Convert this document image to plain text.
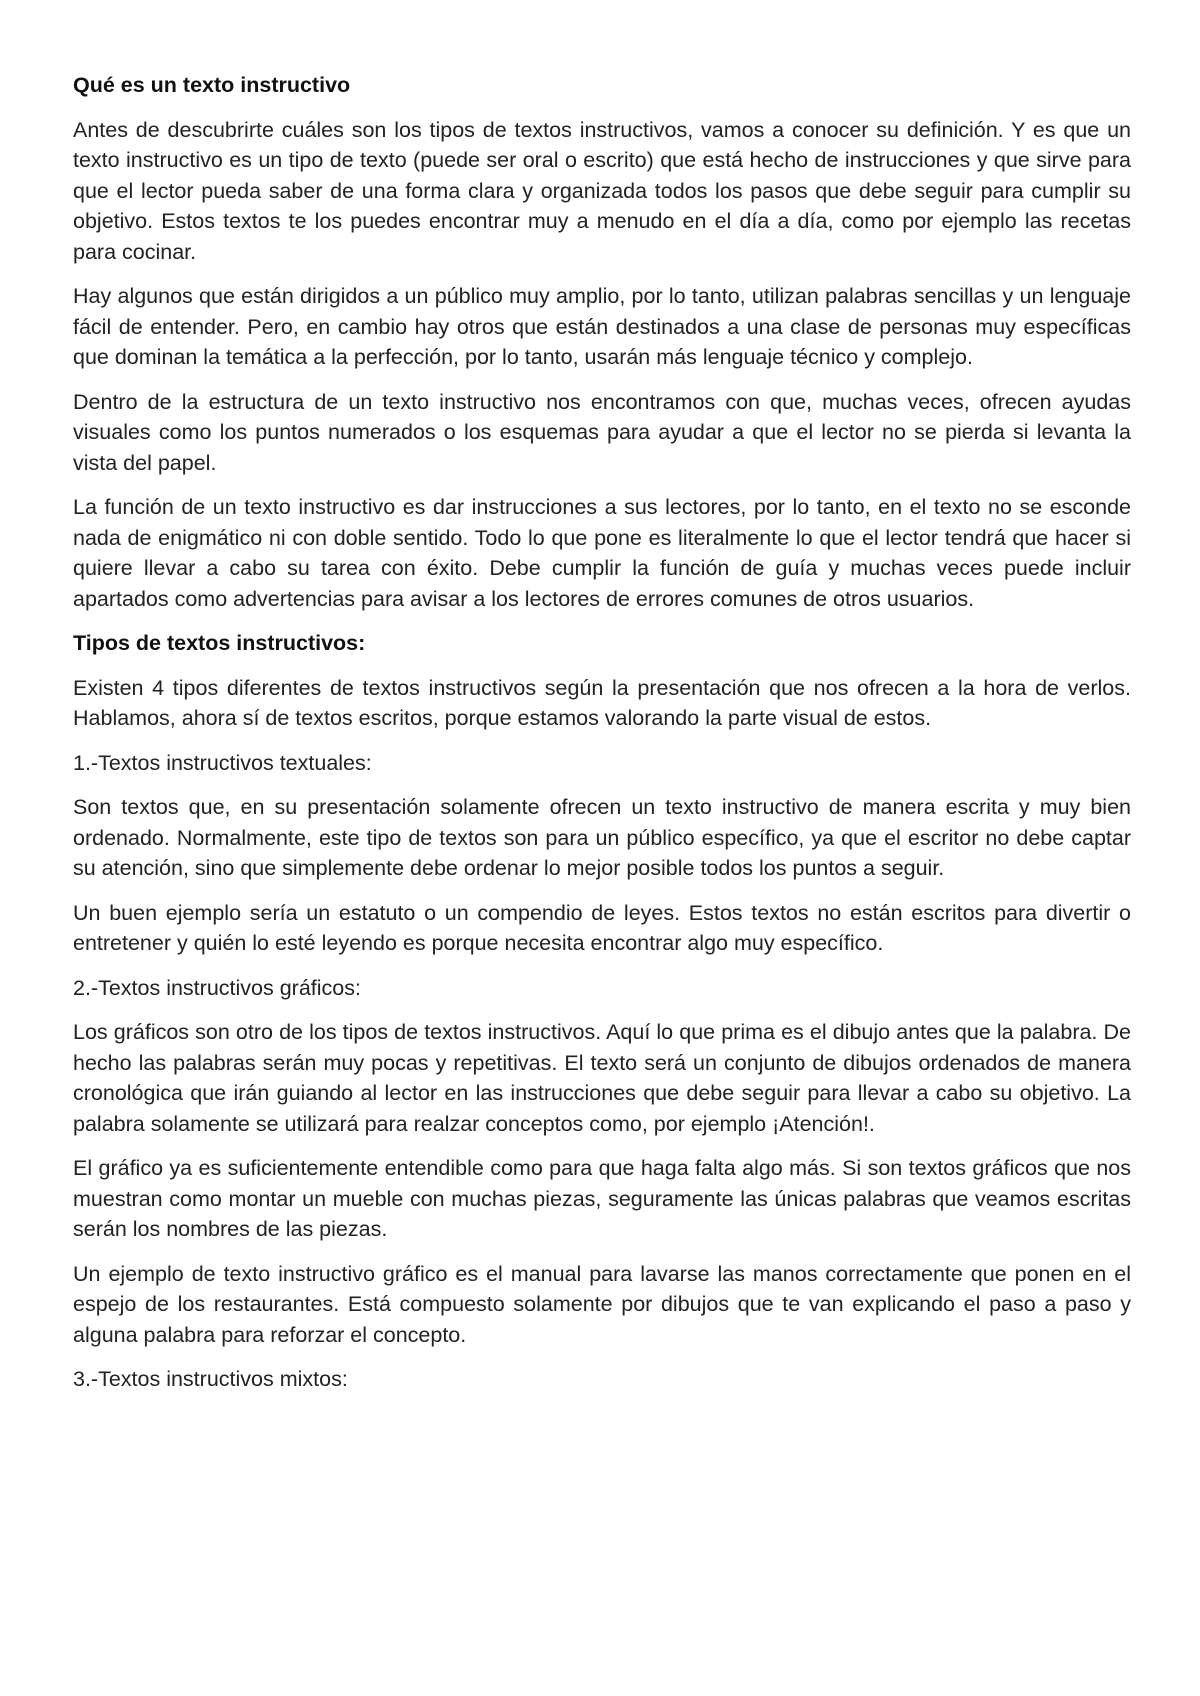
Qué es un texto instructivo

Antes de descubrirte cuáles son los tipos de textos instructivos, vamos a conocer su definición. Y es que un texto instructivo es un tipo de texto (puede ser oral o escrito) que está hecho de instrucciones y que sirve para que el lector pueda saber de una forma clara y organizada todos los pasos que debe seguir para cumplir su objetivo. Estos textos te los puedes encontrar muy a menudo en el día a día, como por ejemplo las recetas para cocinar.

Hay algunos que están dirigidos a un público muy amplio, por lo tanto, utilizan palabras sencillas y un lenguaje fácil de entender. Pero, en cambio hay otros que están destinados a una clase de personas muy específicas que dominan la temática a la perfección, por lo tanto, usarán más lenguaje técnico y complejo.

Dentro de la estructura de un texto instructivo nos encontramos con que, muchas veces, ofrecen ayudas visuales como los puntos numerados o los esquemas para ayudar a que el lector no se pierda si levanta la vista del papel.

La función de un texto instructivo es dar instrucciones a sus lectores, por lo tanto, en el texto no se esconde nada de enigmático ni con doble sentido. Todo lo que pone es literalmente lo que el lector tendrá que hacer si quiere llevar a cabo su tarea con éxito. Debe cumplir la función de guía y muchas veces puede incluir apartados como advertencias para avisar a los lectores de errores comunes de otros usuarios.

Tipos de textos instructivos:

Existen 4 tipos diferentes de textos instructivos según la presentación que nos ofrecen a la hora de verlos. Hablamos, ahora sí de textos escritos, porque estamos valorando la parte visual de estos.

1.-Textos instructivos textuales:

Son textos que, en su presentación solamente ofrecen un texto instructivo de manera escrita y muy bien ordenado. Normalmente, este tipo de textos son para un público específico, ya que el escritor no debe captar su atención, sino que simplemente debe ordenar lo mejor posible todos los puntos a seguir.

Un buen ejemplo sería un estatuto o un compendio de leyes. Estos textos no están escritos para divertir o entretener y quién lo esté leyendo es porque necesita encontrar algo muy específico.

2.-Textos instructivos gráficos:

Los gráficos son otro de los tipos de textos instructivos. Aquí lo que prima es el dibujo antes que la palabra. De hecho las palabras serán muy pocas y repetitivas. El texto será un conjunto de dibujos ordenados de manera cronológica que irán guiando al lector en las instrucciones que debe seguir para llevar a cabo su objetivo. La palabra solamente se utilizará para realzar conceptos como, por ejemplo ¡Atención!.

El gráfico ya es suficientemente entendible como para que haga falta algo más. Si son textos gráficos que nos muestran como montar un mueble con muchas piezas, seguramente las únicas palabras que veamos escritas serán los nombres de las piezas.

Un ejemplo de texto instructivo gráfico es el manual para lavarse las manos correctamente que ponen en el espejo de los restaurantes. Está compuesto solamente por dibujos que te van explicando el paso a paso y alguna palabra para reforzar el concepto.

3.-Textos instructivos mixtos:
